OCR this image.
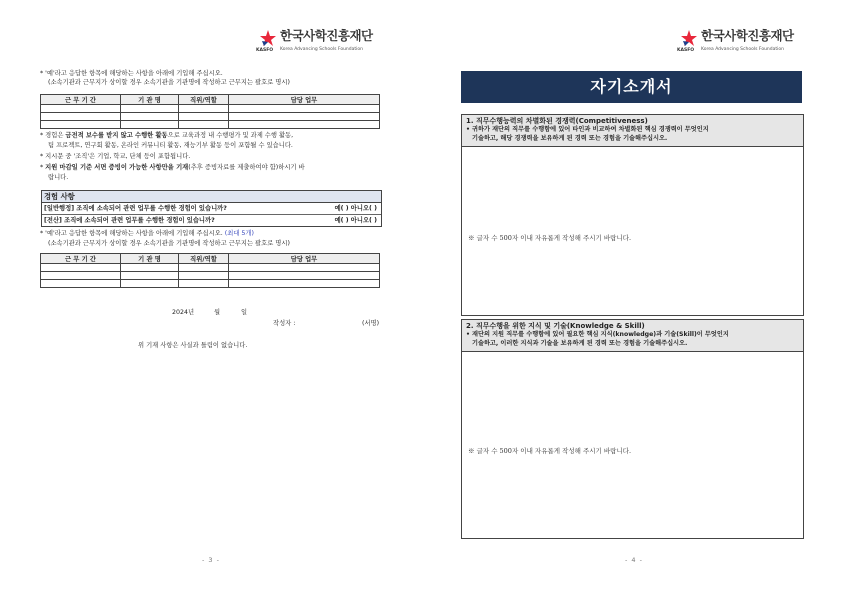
KASFO
한국사학진흥재단
Korea Advancing Schools Foundation
* '예'라고 응답한 항목에 해당하는 사항을 아래에 기입해 주십시오.
(소속기관과 근무지가 상이할 경우 소속기관을 기관명에 작성하고 근무지는 괄호로 명시)
근 무 기 간	기 관 명	직위/역할	담당 업무

* 경험은 금전적 보수를 받지 않고 수행한 활동으로 교육과정 내 수행평가 및 과제 수행 활동,
팀 프로젝트, 연구회 활동, 온라인 커뮤니티 활동, 재능기부 활동 등이 포함될 수 있습니다.
* 지시문 중 '조직'은 기업, 학교, 단체 등이 포함됩니다.
* 지원 마감일 기준 서면 증빙이 가능한 사항만을 기재(추후 증빙자료를 제출하여야 함)하시기 바
랍니다.
경험 사항
[일반행정] 조직에 소속되어 관련 업무를 수행한 경험이 있습니까?	예( ) 아니오( )
[전산] 조직에 소속되어 관련 업무를 수행한 경험이 있습니까?	예( ) 아니오( )
* '예'라고 응답한 항목에 해당하는 사항을 아래에 기입해 주십시오. (최대 5개)
(소속기관과 근무지가 상이할 경우 소속기관을 기관명에 작성하고 근무지는 괄호로 명시)
근 무 기 간	기 관 명	직위/역할	담당 업무

2024년	월	일
작성자 :	(서명)
위 기재 사항은 사실과 틀림이 없습니다.
- 3 -
KASFO
한국사학진흥재단
Korea Advancing Schools Foundation
자기소개서
1. 직무수행능력의 차별화된 경쟁력(Competitiveness)
• 귀하가 재단의 직무를 수행함에 있어 타인과 비교하여 차별화된 핵심 경쟁력이 무엇인지
기술하고, 해당 경쟁력을 보유하게 된 경력 또는 경험을 기술해주십시오.
※ 글자 수 500자 이내 자유롭게 작성해 주시기 바랍니다.
2. 직무수행을 위한 지식 및 기술(Knowledge & Skill)
• 재단의 지원 직무를 수행함에 있어 필요한 핵심 지식(knowledge)과 기술(Skill)이 무엇인지
기술하고, 이러한 지식과 기술을 보유하게 된 경력 또는 경험을 기술해주십시오.
※ 글자 수 500자 이내 자유롭게 작성해 주시기 바랍니다.
- 4 -
